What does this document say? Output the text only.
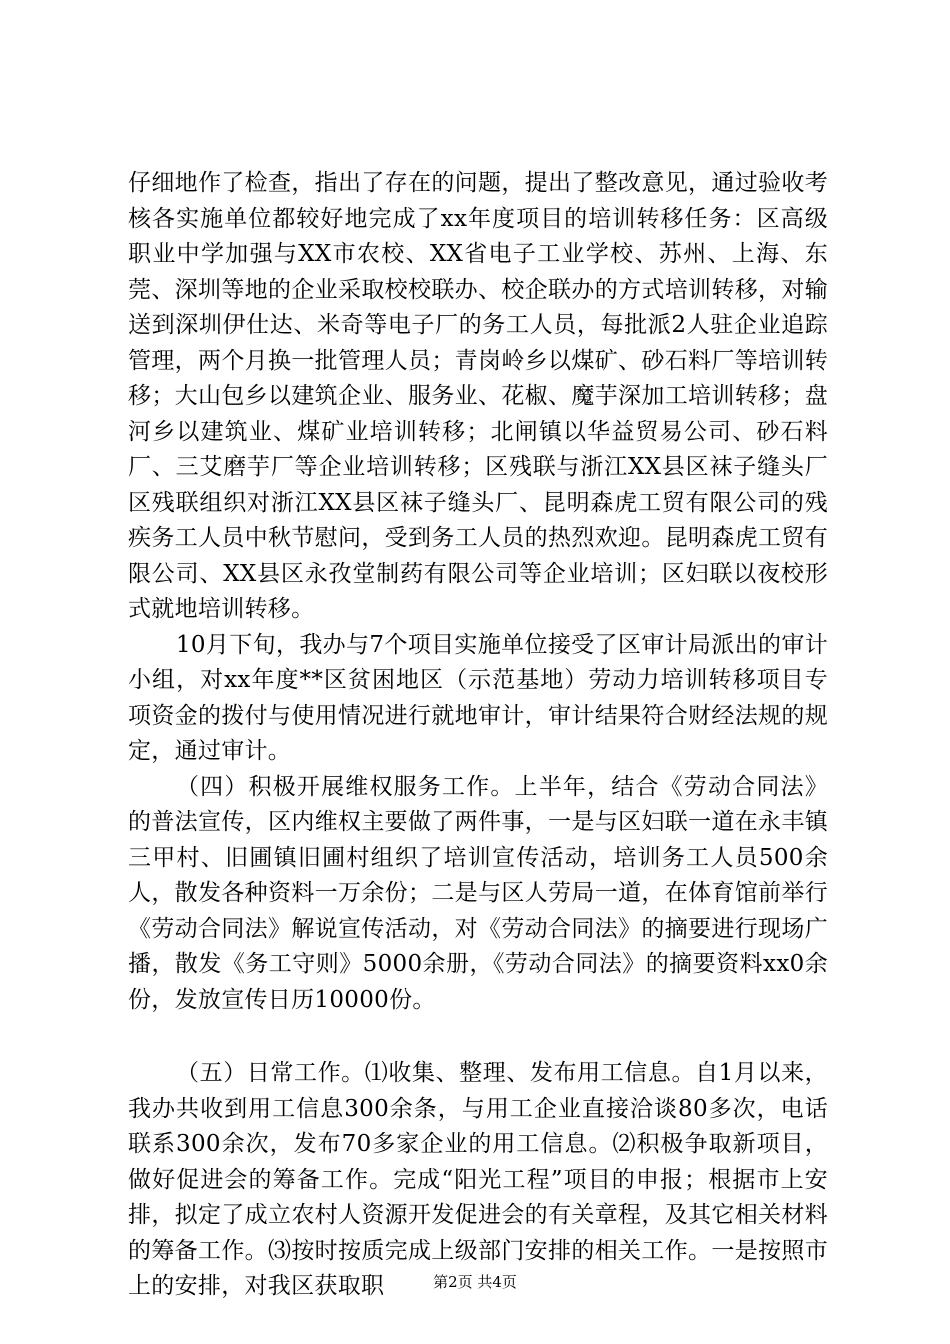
仔细地作了检查，指出了存在的问题，提出了整改意见，通过验收考核各实施单位都较好地完成了xx年度项目的培训转移任务：区高级职业中学加强与XX市农校、XX省电子工业学校、苏州、上海、东莞、深圳等地的企业采取校校联办、校企联办的方式培训转移，对输送到深圳伊仕达、米奇等电子厂的务工人员，每批派2人驻企业追踪管理，两个月换一批管理人员；青岗岭乡以煤矿、砂石料厂等培训转移；大山包乡以建筑企业、服务业、花椒、魔芋深加工培训转移；盘河乡以建筑业、煤矿业培训转移；北闸镇以华益贸易公司、砂石料厂、三艾磨芋厂等企业培训转移；区残联与浙江XX县区袜子缝头厂区残联组织对浙江XX县区袜子缝头厂、昆明森虎工贸有限公司的残疾务工人员中秋节慰问，受到务工人员的热烈欢迎。昆明森虎工贸有限公司、XX县区永孜堂制药有限公司等企业培训；区妇联以夜校形式就地培训转移。

10月下旬，我办与7个项目实施单位接受了区审计局派出的审计小组，对xx年度**区贫困地区（示范基地）劳动力培训转移项目专项资金的拨付与使用情况进行就地审计，审计结果符合财经法规的规定，通过审计。

（四）积极开展维权服务工作。上半年，结合《劳动合同法》的普法宣传，区内维权主要做了两件事，一是与区妇联一道在永丰镇三甲村、旧圃镇旧圃村组织了培训宣传活动，培训务工人员500余人，散发各种资料一万余份；二是与区人劳局一道，在体育馆前举行《劳动合同法》解说宣传活动，对《劳动合同法》的摘要进行现场广播，散发《务工守则》5000余册，《劳动合同法》的摘要资料xx0余份，发放宣传日历10000份。

（五）日常工作。⑴收集、整理、发布用工信息。自1月以来，我办共收到用工信息300余条，与用工企业直接洽谈80多次，电话联系300余次，发布70多家企业的用工信息。⑵积极争取新项目，做好促进会的筹备工作。完成“阳光工程”项目的申报；根据市上安排，拟定了成立农村人资源开发促进会的有关章程，及其它相关材料的筹备工作。⑶按时按质完成上级部门安排的相关工作。一是按照市上的安排，对我区获取职	第2页 共4页
